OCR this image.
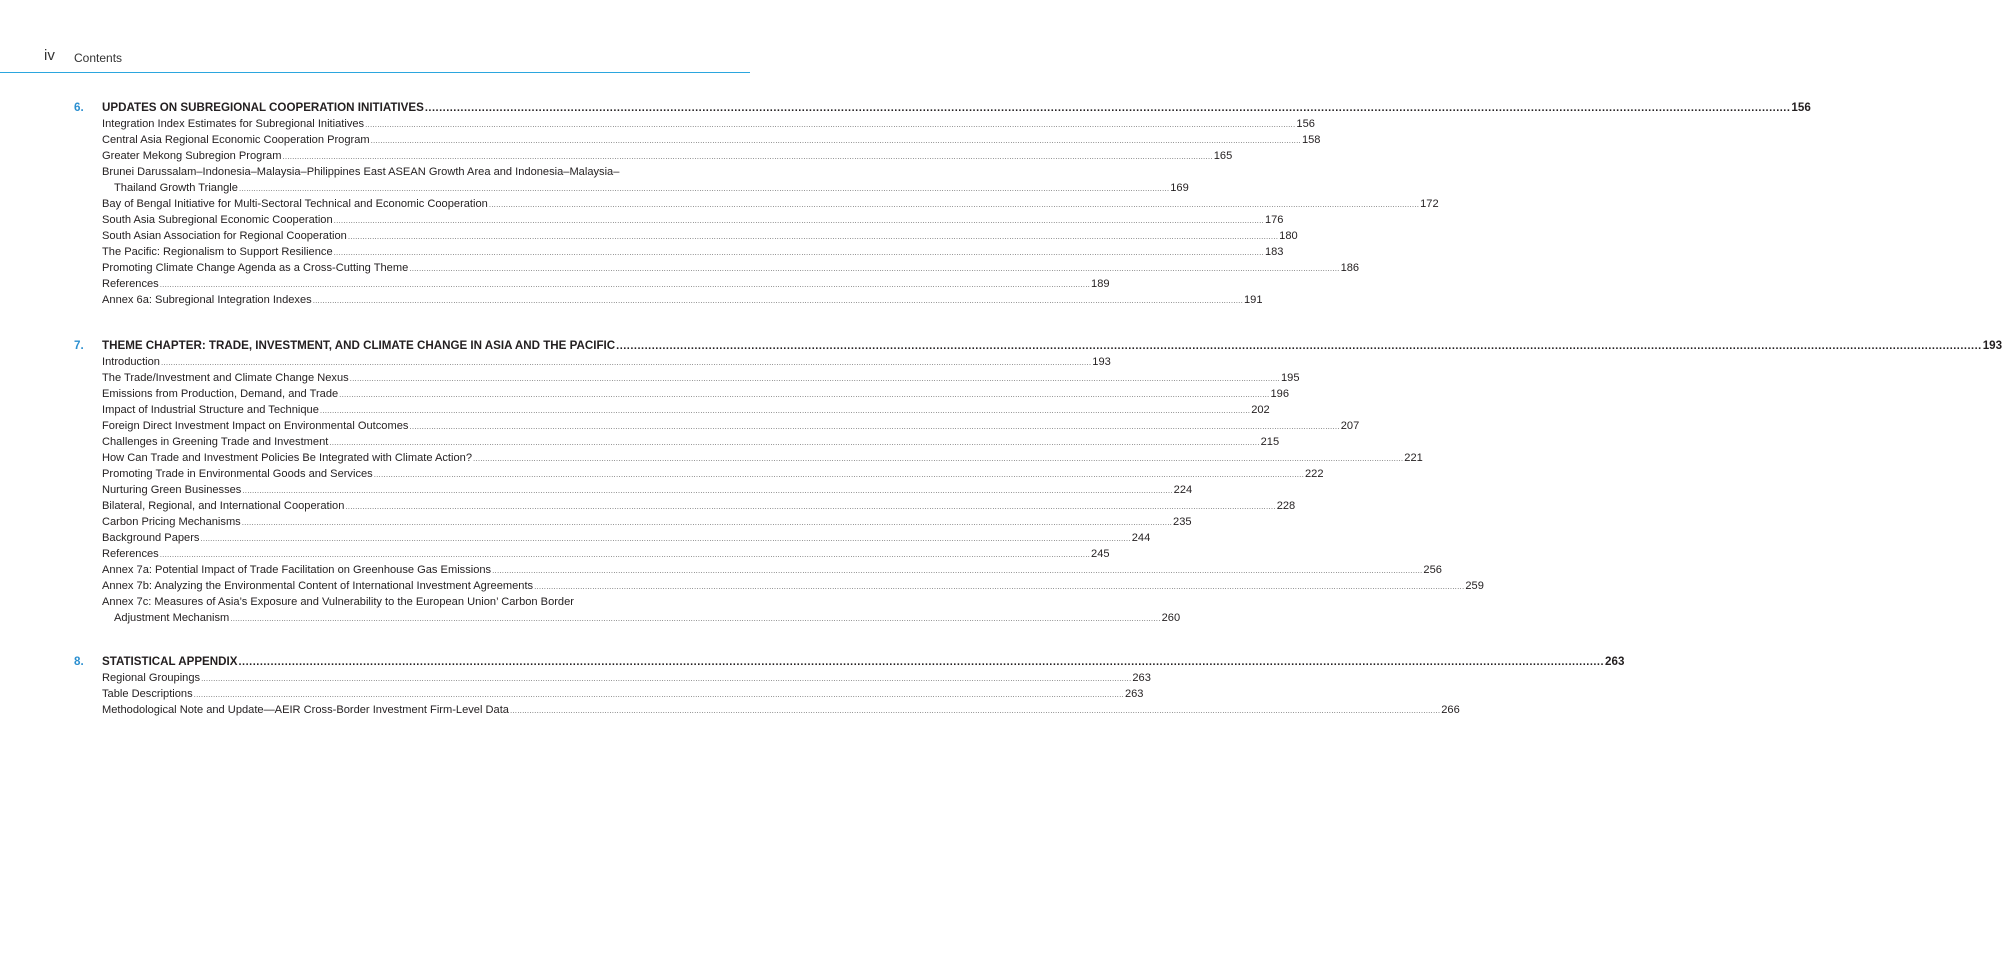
iv Contents
6.	UPDATES ON SUBREGIONAL COOPERATION INITIATIVES .....	156
Integration Index Estimates for Subregional Initiatives .....	156
Central Asia Regional Economic Cooperation Program .....	158
Greater Mekong Subregion Program .....	165
Brunei Darussalam–Indonesia–Malaysia–Philippines East ASEAN Growth Area and Indonesia–Malaysia–
Thailand Growth Triangle .....	169
Bay of Bengal Initiative for Multi-Sectoral Technical and Economic Cooperation .....	172
South Asia Subregional Economic Cooperation .....	176
South Asian Association for Regional Cooperation .....	180
The Pacific: Regionalism to Support Resilience .....	183
Promoting Climate Change Agenda as a Cross-Cutting Theme .....	186
References .....	189
Annex 6a: Subregional Integration Indexes .....	191
7.	THEME CHAPTER: TRADE, INVESTMENT, AND CLIMATE CHANGE IN ASIA AND THE PACIFIC .....	193
Introduction .....	193
The Trade/Investment and Climate Change Nexus .....	195
Emissions from Production, Demand, and Trade .....	196
Impact of Industrial Structure and Technique .....	202
Foreign Direct Investment Impact on Environmental Outcomes .....	207
Challenges in Greening Trade and Investment .....	215
How Can Trade and Investment Policies Be Integrated with Climate Action? .....	221
Promoting Trade in Environmental Goods and Services .....	222
Nurturing Green Businesses .....	224
Bilateral, Regional, and International Cooperation .....	228
Carbon Pricing Mechanisms .....	235
Background Papers .....	244
References .....	245
Annex 7a: Potential Impact of Trade Facilitation on Greenhouse Gas Emissions .....	256
Annex 7b: Analyzing the Environmental Content of International Investment Agreements .....	259
Annex 7c: Measures of Asia’s Exposure and Vulnerability to the European Union’ Carbon Border
Adjustment Mechanism .....	260
8.	STATISTICAL APPENDIX .....	263
Regional Groupings .....	263
Table Descriptions .....	263
Methodological Note and Update—AEIR Cross-Border Investment Firm-Level Data .....	266
